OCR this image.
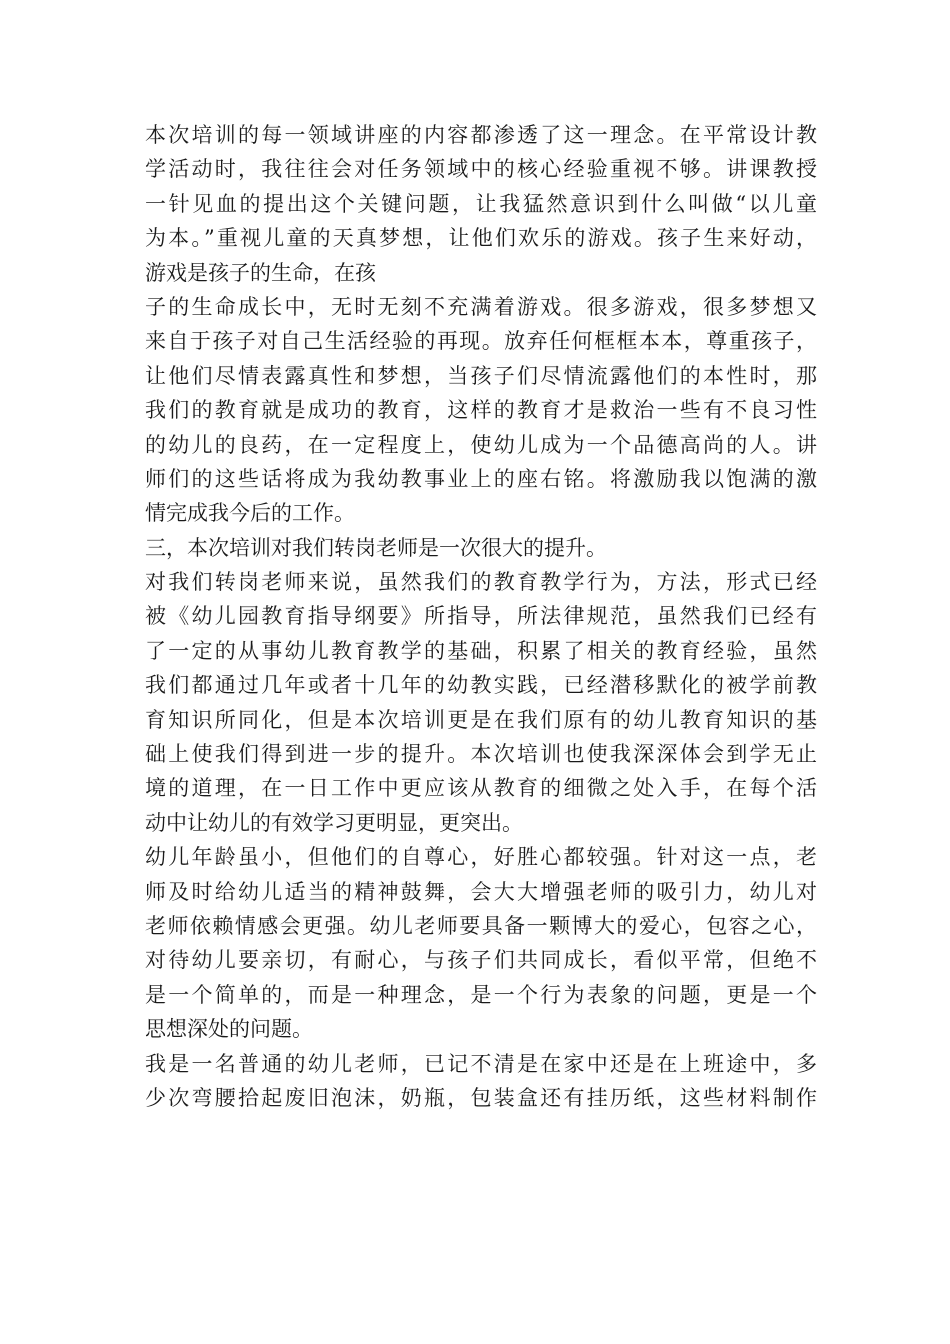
本次培训的每一领域讲座的内容都渗透了这一理念。在平常设计教
学活动时，我往往会对任务领域中的核心经验重视不够。讲课教授
一针见血的提出这个关键问题，让我猛然意识到什么叫做“以儿童
为本。”重视儿童的天真梦想，让他们欢乐的游戏。孩子生来好动，
游戏是孩子的生命，在孩
子的生命成长中，无时无刻不充满着游戏。很多游戏，很多梦想又
来自于孩子对自己生活经验的再现。放弃任何框框本本，尊重孩子，
让他们尽情表露真性和梦想，当孩子们尽情流露他们的本性时，那
我们的教育就是成功的教育，这样的教育才是救治一些有不良习性
的幼儿的良药，在一定程度上，使幼儿成为一个品德高尚的人。讲
师们的这些话将成为我幼教事业上的座右铭。将激励我以饱满的激
情完成我今后的工作。
三，本次培训对我们转岗老师是一次很大的提升。
对我们转岗老师来说，虽然我们的教育教学行为，方法，形式已经
被《幼儿园教育指导纲要》所指导，所法律规范，虽然我们已经有
了一定的从事幼儿教育教学的基础，积累了相关的教育经验，虽然
我们都通过几年或者十几年的幼教实践，已经潜移默化的被学前教
育知识所同化，但是本次培训更是在我们原有的幼儿教育知识的基
础上使我们得到进一步的提升。本次培训也使我深深体会到学无止
境的道理，在一日工作中更应该从教育的细微之处入手，在每个活
动中让幼儿的有效学习更明显，更突出。
幼儿年龄虽小，但他们的自尊心，好胜心都较强。针对这一点，老
师及时给幼儿适当的精神鼓舞，会大大增强老师的吸引力，幼儿对
老师依赖情感会更强。幼儿老师要具备一颗博大的爱心，包容之心，
对待幼儿要亲切，有耐心，与孩子们共同成长，看似平常，但绝不
是一个简单的，而是一种理念，是一个行为表象的问题，更是一个
思想深处的问题。
我是一名普通的幼儿老师，已记不清是在家中还是在上班途中，多
少次弯腰拾起废旧泡沫，奶瓶，包装盒还有挂历纸，这些材料制作
